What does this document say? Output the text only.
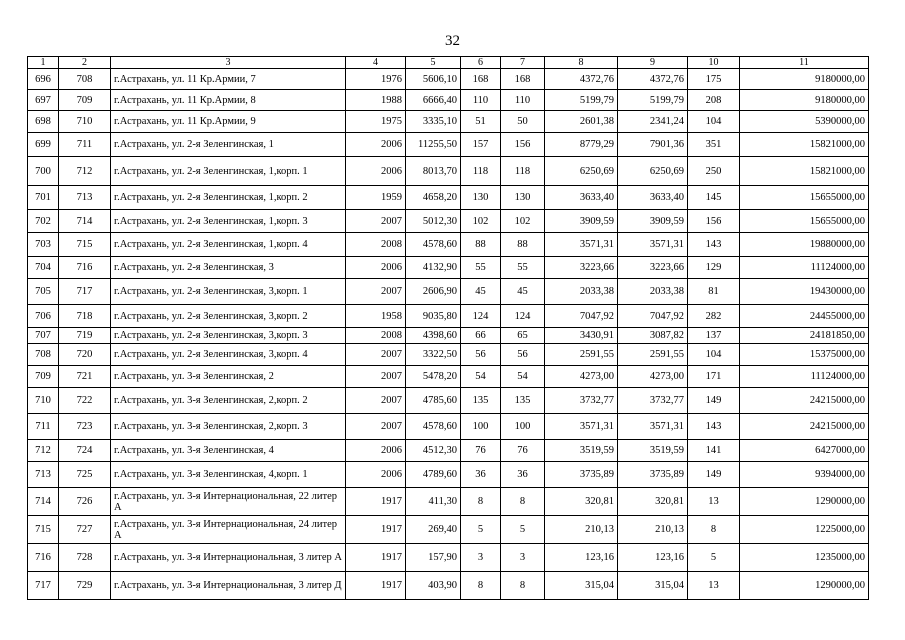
32
1	2	3	4	5	6	7	8	9	10	11
696	708	г.Астрахань, ул. 11 Кр.Армии, 7	1976	5606,10	168	168	4372,76	4372,76	175	9180000,00
697	709	г.Астрахань, ул. 11 Кр.Армии, 8	1988	6666,40	110	110	5199,79	5199,79	208	9180000,00
698	710	г.Астрахань, ул. 11 Кр.Армии, 9	1975	3335,10	51	50	2601,38	2341,24	104	5390000,00
699	711	г.Астрахань, ул. 2-я Зеленгинская, 1	2006	11255,50	157	156	8779,29	7901,36	351	15821000,00
700	712	г.Астрахань, ул. 2-я Зеленгинская, 1,корп. 1	2006	8013,70	118	118	6250,69	6250,69	250	15821000,00
701	713	г.Астрахань, ул. 2-я Зеленгинская, 1,корп. 2	1959	4658,20	130	130	3633,40	3633,40	145	15655000,00
702	714	г.Астрахань, ул. 2-я Зеленгинская, 1,корп. 3	2007	5012,30	102	102	3909,59	3909,59	156	15655000,00
703	715	г.Астрахань, ул. 2-я Зеленгинская, 1,корп. 4	2008	4578,60	88	88	3571,31	3571,31	143	19880000,00
704	716	г.Астрахань, ул. 2-я Зеленгинская, 3	2006	4132,90	55	55	3223,66	3223,66	129	11124000,00
705	717	г.Астрахань, ул. 2-я Зеленгинская, 3,корп. 1	2007	2606,90	45	45	2033,38	2033,38	81	19430000,00
706	718	г.Астрахань, ул. 2-я Зеленгинская, 3,корп. 2	1958	9035,80	124	124	7047,92	7047,92	282	24455000,00
707	719	г.Астрахань, ул. 2-я Зеленгинская, 3,корп. 3	2008	4398,60	66	65	3430,91	3087,82	137	24181850,00
708	720	г.Астрахань, ул. 2-я Зеленгинская, 3,корп. 4	2007	3322,50	56	56	2591,55	2591,55	104	15375000,00
709	721	г.Астрахань, ул. 3-я Зеленгинская, 2	2007	5478,20	54	54	4273,00	4273,00	171	11124000,00
710	722	г.Астрахань, ул. 3-я Зеленгинская, 2,корп. 2	2007	4785,60	135	135	3732,77	3732,77	149	24215000,00
711	723	г.Астрахань, ул. 3-я Зеленгинская, 2,корп. 3	2007	4578,60	100	100	3571,31	3571,31	143	24215000,00
712	724	г.Астрахань, ул. 3-я Зеленгинская, 4	2006	4512,30	76	76	3519,59	3519,59	141	6427000,00
713	725	г.Астрахань, ул. 3-я Зеленгинская, 4,корп. 1	2006	4789,60	36	36	3735,89	3735,89	149	9394000,00
714	726	г.Астрахань, ул. 3-я Интернациональная, 22 литер А	1917	411,30	8	8	320,81	320,81	13	1290000,00
715	727	г.Астрахань, ул. 3-я Интернациональная, 24 литер А	1917	269,40	5	5	210,13	210,13	8	1225000,00
716	728	г.Астрахань, ул. 3-я Интернациональная, 3 литер А	1917	157,90	3	3	123,16	123,16	5	1235000,00
717	729	г.Астрахань, ул. 3-я Интернациональная, 3 литер Д	1917	403,90	8	8	315,04	315,04	13	1290000,00
